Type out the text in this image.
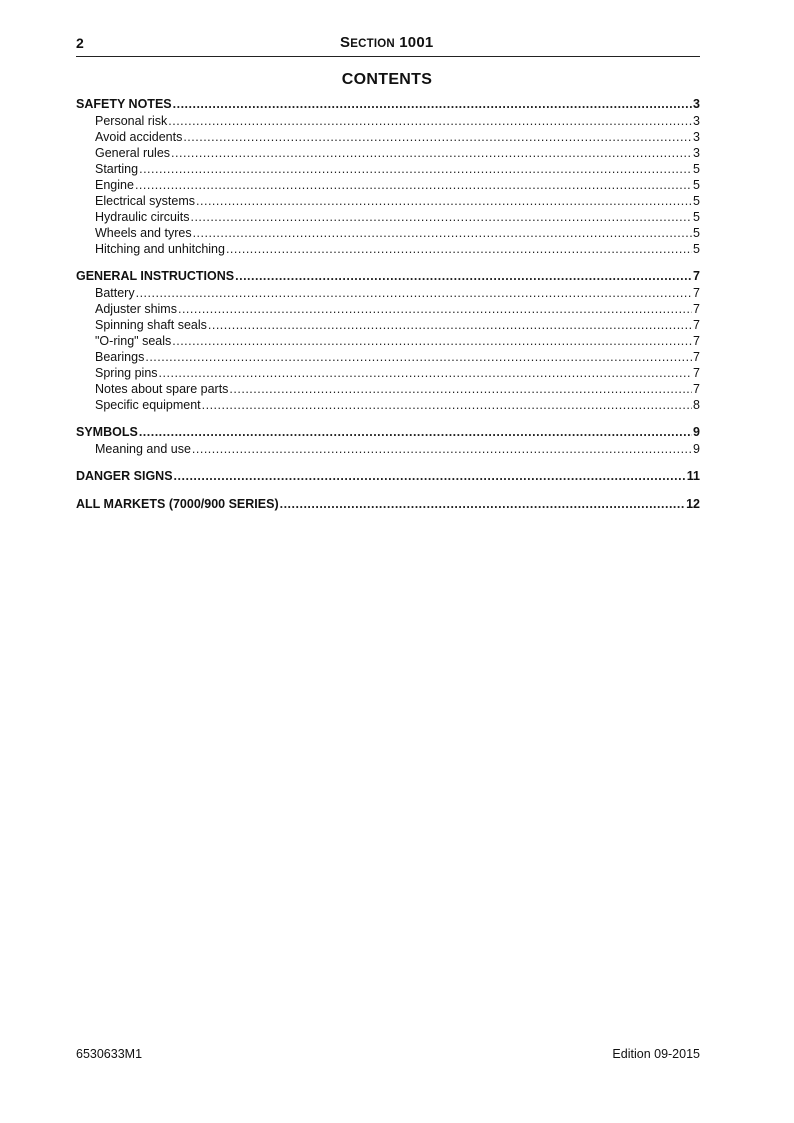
2	SECTION 1001
CONTENTS
SAFETY NOTES .....	3
Personal risk .....	3
Avoid accidents .....	3
General rules .....	3
Starting .....	5
Engine .....	5
Electrical systems .....	5
Hydraulic circuits .....	5
Wheels and tyres .....	5
Hitching and unhitching .....	5
GENERAL INSTRUCTIONS .....	7
Battery .....	7
Adjuster shims .....	7
Spinning shaft seals .....	7
"O-ring" seals .....	7
Bearings .....	7
Spring pins .....	7
Notes about spare parts .....	7
Specific equipment .....	8
SYMBOLS .....	9
Meaning and use .....	9
DANGER SIGNS .....	11
ALL MARKETS (7000/900 SERIES) .....	12
6530633M1	Edition 09-2015
